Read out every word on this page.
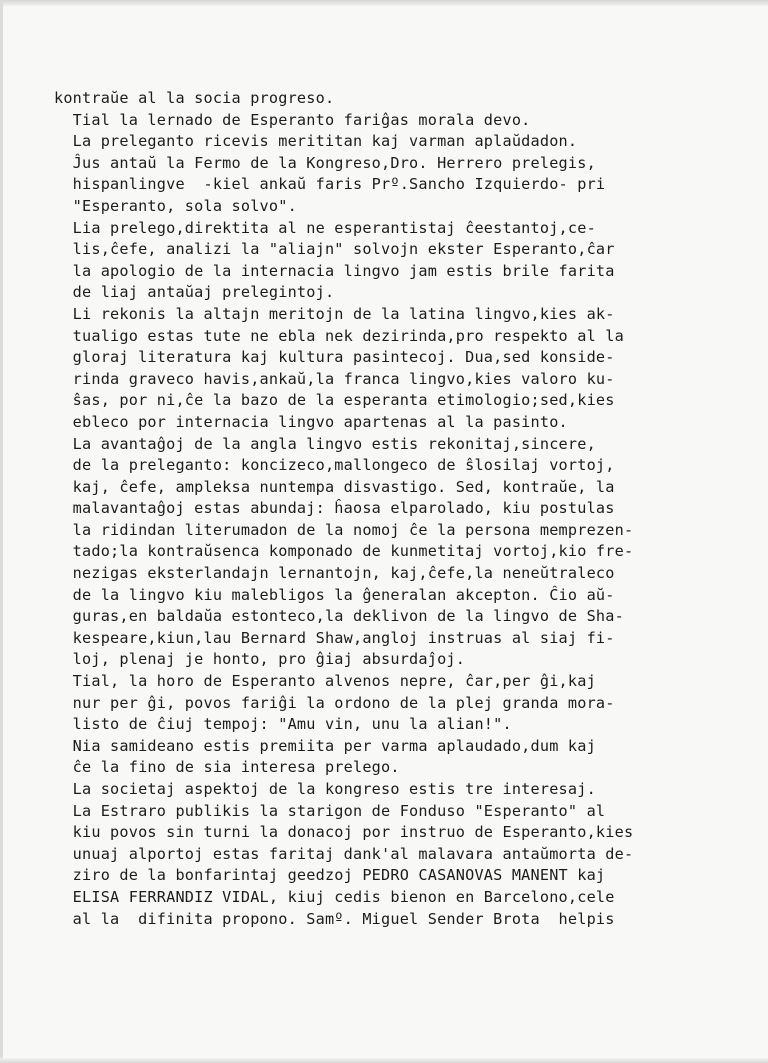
kontraŭe al la socia progreso.
Tial la lernado de Esperanto fariĝas morala devo.
La preleganto ricevis merititan kaj varman aplaŭdadon.
Ĵus antaŭ la Fermo de la Kongreso,Dro. Herrero prelegis,
hispanlingve  -kiel ankaŭ faris Prº.Sancho Izquierdo- pri
"Esperanto, sola solvo".
Lia prelego,direktita al ne esperantistaj ĉeestantoj,ce-
lis,ĉefe, analizi la "aliajn" solvojn ekster Esperanto,ĉar
la apologio de la internacia lingvo jam estis brile farita
de liaj antaŭaj prelegintoj.
Li rekonis la altajn meritojn de la latina lingvo,kies ak-
tualigo estas tute ne ebla nek dezirinda,pro respekto al la
gloraj literatura kaj kultura pasintecoj. Dua,sed konside-
rinda graveco havis,ankaŭ,la franca lingvo,kies valoro ku-
ŝas, por ni,ĉe la bazo de la esperanta etimologio;sed,kies
ebleco por internacia lingvo apartenas al la pasinto.
La avantaĝoj de la angla lingvo estis rekonitaj,sincere,
de la preleganto: koncizeco,mallongeco de ŝlosilaj vortoj,
kaj, ĉefe, ampleksa nuntempa disvastigo. Sed, kontraŭe, la
malavantaĝoj estas abundaj: ĥaosa elparolado, kiu postulas
la ridindan literumadon de la nomoj ĉe la persona memprezen-
tado;la kontraŭsenca komponado de kunmetitaj vortoj,kio fre-
nezigas eksterlandajn lernantojn, kaj,ĉefe,la neneŭtraleco
de la lingvo kiu malebligos la ĝeneralan akcepton. Ĉio aŭ-
guras,en baldaŭa estonteco,la deklivon de la lingvo de Sha-
kespeare,kiun,lau Bernard Shaw,angloj instruas al siaj fi-
loj, plenaj je honto, pro ĝiaj absurdaĵoj.
Tial, la horo de Esperanto alvenos nepre, ĉar,per ĝi,kaj
nur per ĝi, povos fariĝi la ordono de la plej granda mora-
listo de ĉiuj tempoj: "Amu vin, unu la alian!".
Nia samideano estis premiita per varma aplaudado,dum kaj
ĉe la fino de sia interesa prelego.
La societaj aspektoj de la kongreso estis tre interesaj.
La Estraro publikis la starigon de Fonduso "Esperanto" al
kiu povos sin turni la donacoj por instruo de Esperanto,kies
unuaj alportoj estas faritaj dank'al malavara antaŭmorta de-
ziro de la bonfarintaj geedzoj PEDRO CASANOVAS MANENT kaj
ELISA FERRANDIZ VIDAL, kiuj cedis bienon en Barcelono,cele
al la  difinita propono. Samº. Miguel Sender Brota  helpis
